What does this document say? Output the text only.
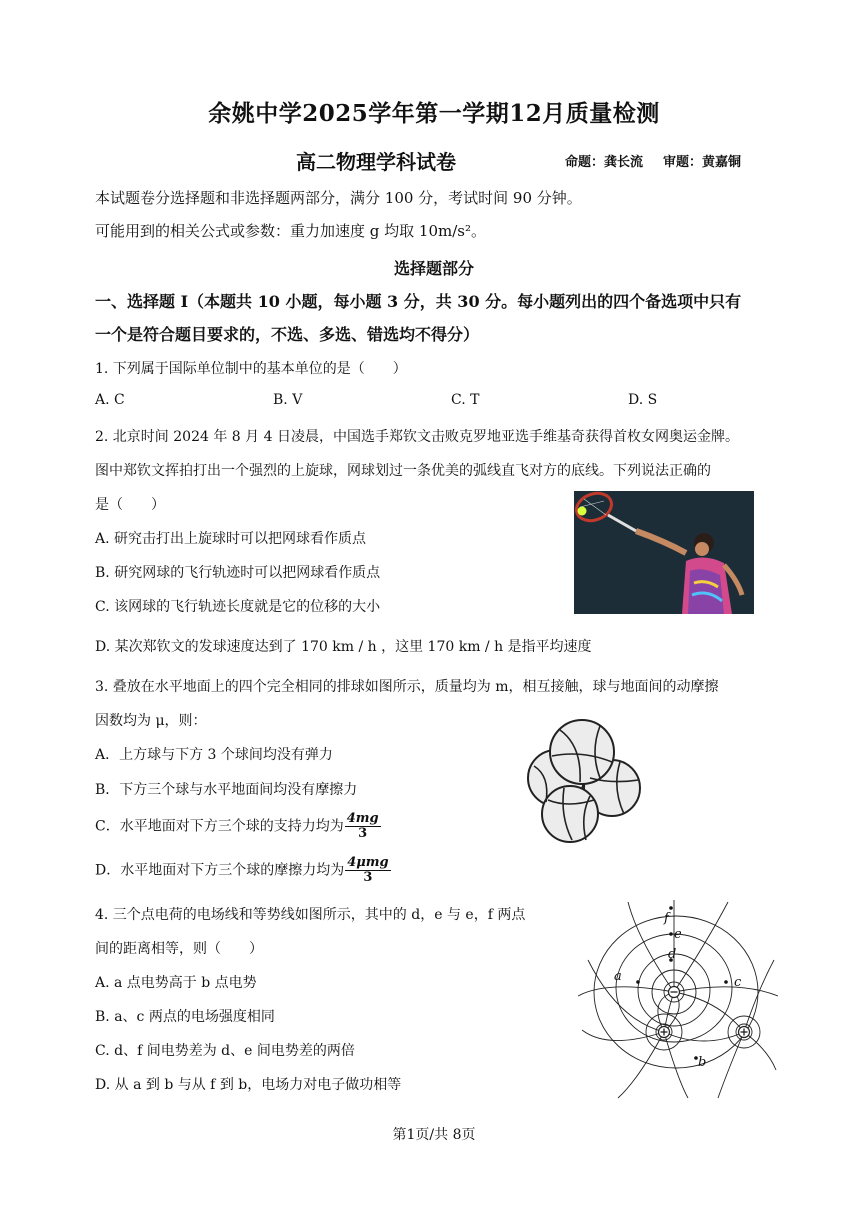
余姚中学2025学年第一学期12月质量检测
高二物理学科试卷	命题：龚长流 审题：黄嘉铜
本试题卷分选择题和非选择题两部分，满分 100 分，考试时间 90 分钟。
可能用到的相关公式或参数：重力加速度 g 均取 10m/s²。
选择题部分
一、选择题 I（本题共 10 小题，每小题 3 分，共 30 分。每小题列出的四个备选项中只有
一个是符合题目要求的，不选、多选、错选均不得分）
1. 下列属于国际单位制中的基本单位的是（　　）
A. C	B. V	C. T	D. S
2. 北京时间 2024 年 8 月 4 日凌晨，中国选手郑钦文击败克罗地亚选手维基奇获得首枚女网奥运金牌。
图中郑钦文挥拍打出一个强烈的上旋球，网球划过一条优美的弧线直飞对方的底线。下列说法正确的
是（　　）
A. 研究击打出上旋球时可以把网球看作质点
B. 研究网球的飞行轨迹时可以把网球看作质点
C. 该网球的飞行轨迹长度就是它的位移的大小
D. 某次郑钦文的发球速度达到了 170 km / h ，这里 170 km / h 是指平均速度
3. 叠放在水平地面上的四个完全相同的排球如图所示，质量均为 m，相互接触，球与地面间的动摩擦
因数均为 μ，则：
A．上方球与下方 3 个球间均没有弹力
B．下方三个球与水平地面间均没有摩擦力
C．水平地面对下方三个球的支持力均为 $\frac{4mg}{3}$
D．水平地面对下方三个球的摩擦力均为 $\frac{\text{4μmg}}{3}$
4. 三个点电荷的电场线和等势线如图所示，其中的 d，e 与 e，f 两点
间的距离相等，则（　　）
A. a 点电势高于 b 点电势
B. a、c 两点的电场强度相同
C. d、f 间电势差为 d、e 间电势差的两倍
D. 从 a 到 b 与从 f 到 b，电场力对电子做功相等
f
e
d
a	c
b
第1页/共 8页
